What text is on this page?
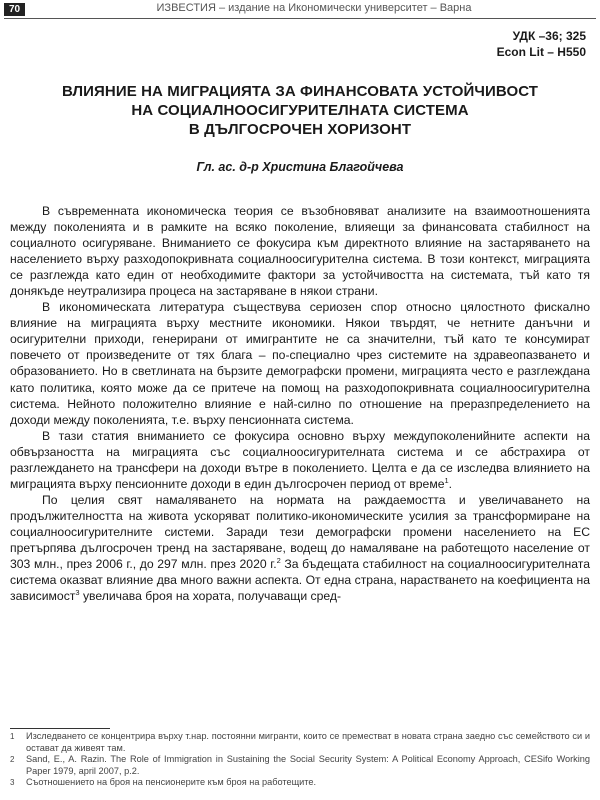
70	ИЗВЕСТИЯ – издание на Икономически университет – Варна
УДК –36; 325
Econ Lit – H550
ВЛИЯНИЕ НА МИГРАЦИЯТА ЗА ФИНАНСОВАТА УСТОЙЧИВОСТ
НА СОЦИАЛНООСИГУРИТЕЛНАТА СИСТЕМА
В ДЪЛГОСРОЧЕН ХОРИЗОНТ
Гл. ас. д-р Христина Благойчева

В съвременната икономическа теория се възобновяват анализите на взаимоотношенията между поколенията и в рамките на всяко поколение, влияещи за финансовата стабилност на социалното осигуряване. Вниманието се фокусира към директното влияние на застаряването на населението върху разходопокривната социалноосигурителна система. В този контекст, миграцията се разглежда като един от необходимите фактори за устойчивостта на системата, тъй като тя донякъде неутрализира процеса на застаряване в някои страни.

В икономическата литература съществува сериозен спор относно цялостното фискално влияние на миграцията върху местните икономики. Някои твърдят, че нетните данъчни и осигурителни приходи, генерирани от имигрантите не са значителни, тъй като те консумират повечето от произведените от тях блага – по-специално чрез системите на здравеопазването и образованието. Но в светлината на бързите демографски промени, миграцията често е разглеждана като политика, която може да се притече на помощ на разходопокривната социалноосигурителна система. Нейното положително влияние е най-силно по отношение на преразпределението на доходи между поколенията, т.е. върху пенсионната система.

В тази статия вниманието се фокусира основно върху междупоколенийните аспекти на обвързаността на миграцията със социалноосигурителната система и се абстрахира от разглеждането на трансфери на доходи вътре в поколението. Целта е да се изследва влиянието на миграцията върху пенсионните доходи в един дългосрочен период от време$^1$.

По целия свят намаляването на нормата на раждаемостта и увеличаването на продължителността на живота ускоряват политико-икономическите усилия за трансформиране на социалноосигурителните системи. Заради тези демографски промени населението на ЕС претърпява дългосрочен тренд на застаряване, водещ до намаляване на работещото население от 303 млн., през 2006 г., до 297 млн. през 2020 г.$^2$ За бъдещата стабилност на социалноосигурителната система оказват влияние два много важни аспекта. От една страна, нарастването на коефициента на зависимост$^3$ увеличава броя на хората, получаващи сред-

1 Изследването се концентрира върху т.нар. постоянни мигранти, които се преместват в новата страна заедно със семейството си и остават да живеят там.
2 Sand, E., A. Razin. The Role of Immigration in Sustaining the Social Security System: A Political Economy Approach, CESifo Working Paper 1979, april 2007, p.2.
3 Съотношението на броя на пенсионерите към броя на работещите.
